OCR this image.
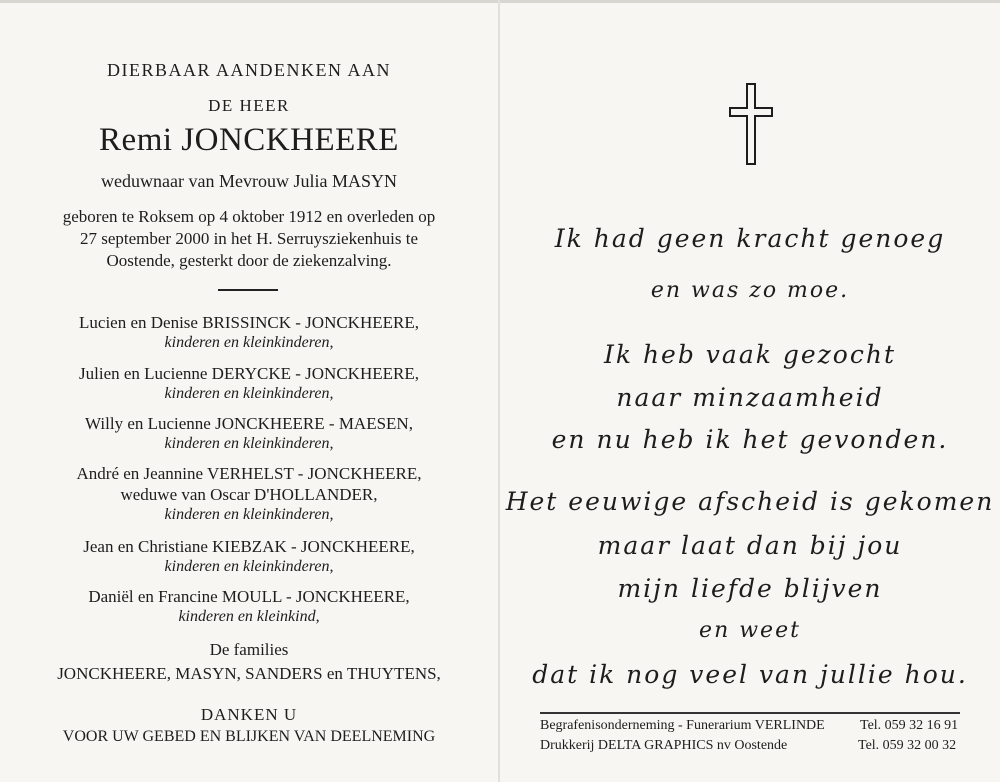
DIERBAAR AANDENKEN AAN
DE HEER
Remi JONCKHEERE
weduwnaar van Mevrouw Julia MASYN
geboren te Roksem op 4 oktober 1912 en overleden op
27 september 2000 in het H. Serruysziekenhuis te
Oostende, gesterkt door de ziekenzalving.
Lucien en Denise BRISSINCK - JONCKHEERE,
kinderen en kleinkinderen,
Julien en Lucienne DERYCKE - JONCKHEERE,
kinderen en kleinkinderen,
Willy en Lucienne JONCKHEERE - MAESEN,
kinderen en kleinkinderen,
André en Jeannine VERHELST - JONCKHEERE,
weduwe van Oscar D'HOLLANDER,
kinderen en kleinkinderen,
Jean en Christiane KIEBZAK - JONCKHEERE,
kinderen en kleinkinderen,
Daniël en Francine MOULL - JONCKHEERE,
kinderen en kleinkind,
De families
JONCKHEERE, MASYN, SANDERS en THUYTENS,
DANKEN U
VOOR UW GEBED EN BLIJKEN VAN DEELNEMING
Ik had geen kracht genoeg
en was zo moe.
Ik heb vaak gezocht
naar minzaamheid
en nu heb ik het gevonden.
Het eeuwige afscheid is gekomen
maar laat dan bij jou
mijn liefde blijven
en weet
dat ik nog veel van jullie hou.
Begrafenisonderneming - Funerarium VERLINDE	Tel. 059 32 16 91
Drukkerij DELTA GRAPHICS nv Oostende	Tel. 059 32 00 32
